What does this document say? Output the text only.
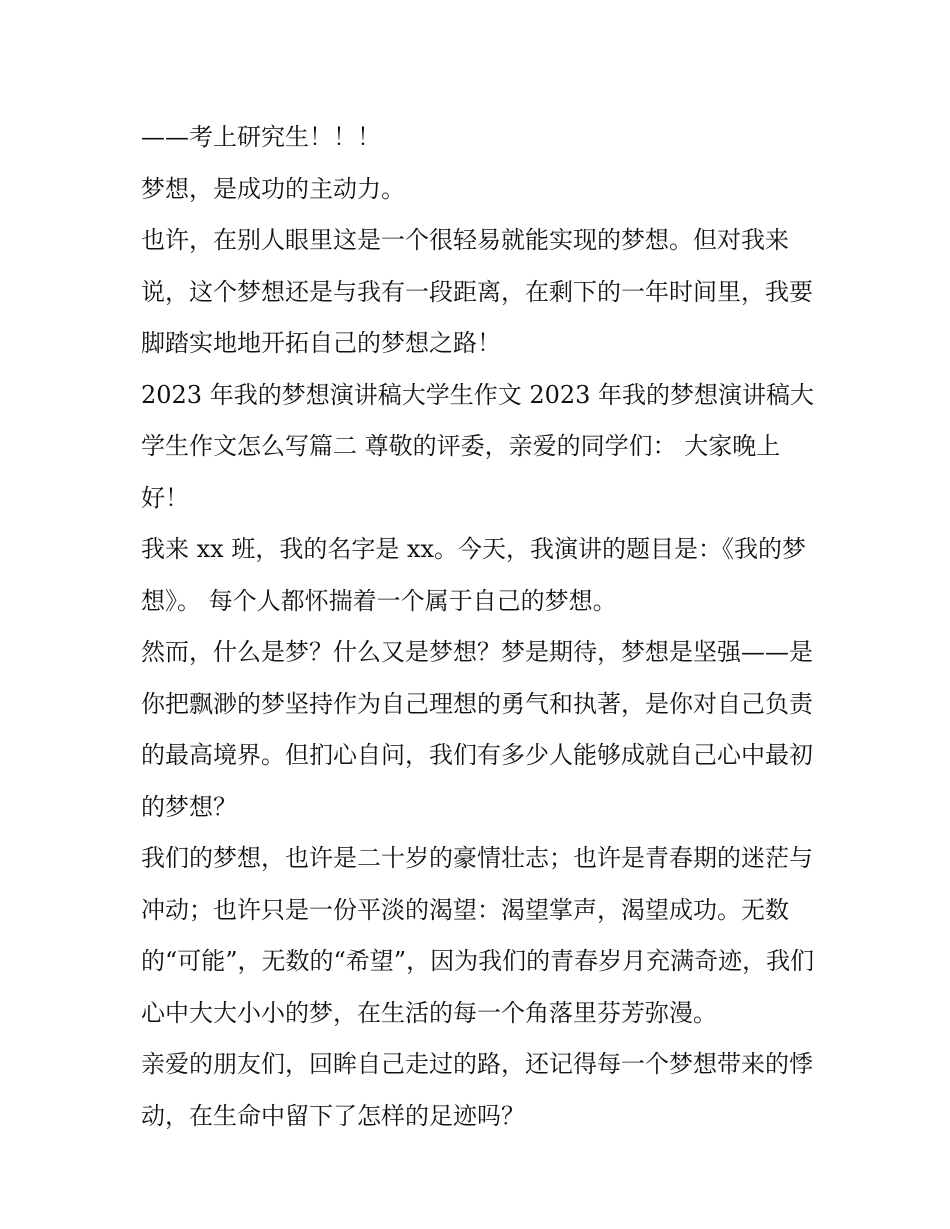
——考上研究生！！！

梦想，是成功的主动力。

也许，在别人眼里这是一个很轻易就能实现的梦想。但对我来说，这个梦想还是与我有一段距离，在剩下的一年时间里，我要脚踏实地地开拓自己的梦想之路！

2023 年我的梦想演讲稿大学生作文 2023 年我的梦想演讲稿大学生作文怎么写篇二 尊敬的评委，亲爱的同学们： 大家晚上好！

我来 xx 班，我的名字是 xx。今天，我演讲的题目是：《我的梦想》。 每个人都怀揣着一个属于自己的梦想。

然而，什么是梦？什么又是梦想？梦是期待，梦想是坚强——是你把飘渺的梦坚持作为自己理想的勇气和执著，是你对自己负责的最高境界。但扪心自问，我们有多少人能够成就自己心中最初的梦想？

我们的梦想，也许是二十岁的豪情壮志；也许是青春期的迷茫与冲动；也许只是一份平淡的渴望：渴望掌声，渴望成功。无数的“可能”，无数的“希望”，因为我们的青春岁月充满奇迹，我们心中大大小小的梦，在生活的每一个角落里芬芳弥漫。

亲爱的朋友们，回眸自己走过的路，还记得每一个梦想带来的悸动，在生命中留下了怎样的足迹吗？
